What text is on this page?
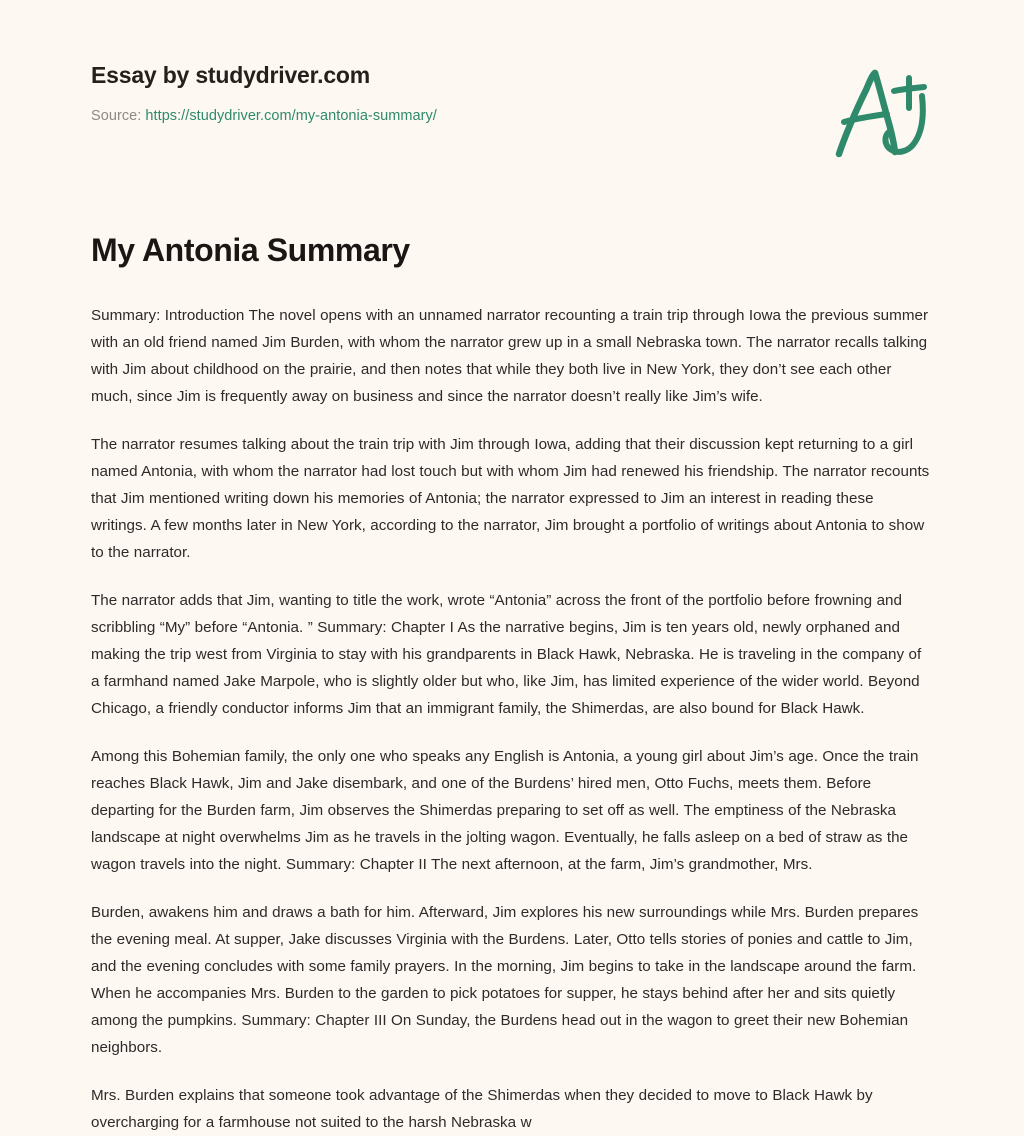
Essay by studydriver.com
Source: https://studydriver.com/my-antonia-summary/
My Antonia Summary

Summary: Introduction The novel opens with an unnamed narrator recounting a train trip through Iowa the previous summer with an old friend named Jim Burden, with whom the narrator grew up in a small Nebraska town. The narrator recalls talking with Jim about childhood on the prairie, and then notes that while they both live in New York, they don’t see each other much, since Jim is frequently away on business and since the narrator doesn’t really like Jim’s wife.

The narrator resumes talking about the train trip with Jim through Iowa, adding that their discussion kept returning to a girl named Antonia, with whom the narrator had lost touch but with whom Jim had renewed his friendship. The narrator recounts that Jim mentioned writing down his memories of Antonia; the narrator expressed to Jim an interest in reading these writings. A few months later in New York, according to the narrator, Jim brought a portfolio of writings about Antonia to show to the narrator.

The narrator adds that Jim, wanting to title the work, wrote “Antonia” across the front of the portfolio before frowning and scribbling “My” before “Antonia. ” Summary: Chapter I As the narrative begins, Jim is ten years old, newly orphaned and making the trip west from Virginia to stay with his grandparents in Black Hawk, Nebraska. He is traveling in the company of a farmhand named Jake Marpole, who is slightly older but who, like Jim, has limited experience of the wider world. Beyond Chicago, a friendly conductor informs Jim that an immigrant family, the Shimerdas, are also bound for Black Hawk.

Among this Bohemian family, the only one who speaks any English is Antonia, a young girl about Jim’s age. Once the train reaches Black Hawk, Jim and Jake disembark, and one of the Burdens’ hired men, Otto Fuchs, meets them. Before departing for the Burden farm, Jim observes the Shimerdas preparing to set off as well. The emptiness of the Nebraska landscape at night overwhelms Jim as he travels in the jolting wagon. Eventually, he falls asleep on a bed of straw as the wagon travels into the night. Summary: Chapter II The next afternoon, at the farm, Jim’s grandmother, Mrs.

Burden, awakens him and draws a bath for him. Afterward, Jim explores his new surroundings while Mrs. Burden prepares the evening meal. At supper, Jake discusses Virginia with the Burdens. Later, Otto tells stories of ponies and cattle to Jim, and the evening concludes with some family prayers. In the morning, Jim begins to take in the landscape around the farm. When he accompanies Mrs. Burden to the garden to pick potatoes for supper, he stays behind after her and sits quietly among the pumpkins. Summary: Chapter III On Sunday, the Burdens head out in the wagon to greet their new Bohemian neighbors.

Mrs. Burden explains that someone took advantage of the Shimerdas when they decided to move to Black Hawk by overcharging for a farmhouse not suited to the harsh Nebraska w
